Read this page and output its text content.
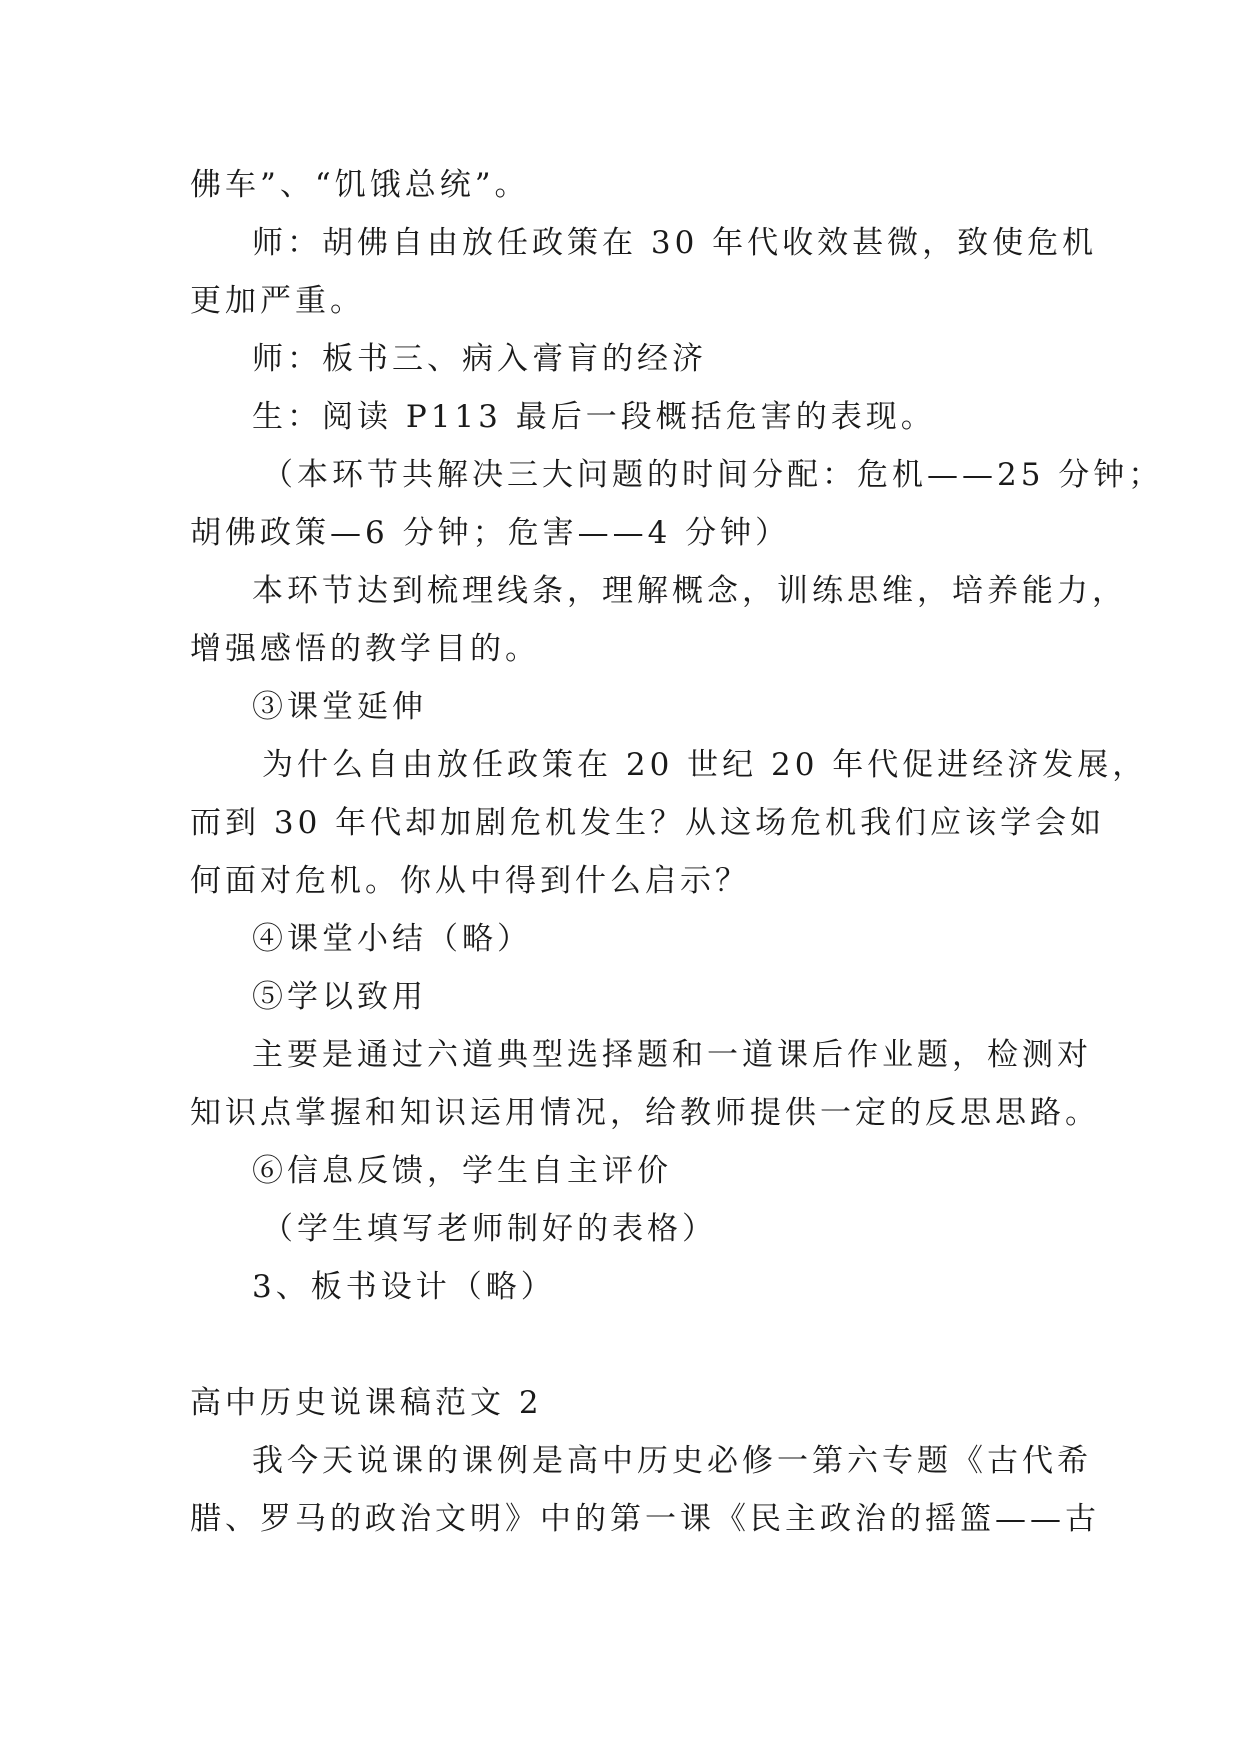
佛车”、“饥饿总统”。
师：胡佛自由放任政策在 30 年代收效甚微，致使危机
更加严重。
师：板书三、病入膏肓的经济
生：阅读 P113 最后一段概括危害的表现。
（本环节共解决三大问题的时间分配：危机——25 分钟；
胡佛政策—6 分钟；危害——4 分钟）
本环节达到梳理线条，理解概念，训练思维，培养能力，
增强感悟的教学目的。
③课堂延伸
为什么自由放任政策在 20 世纪 20 年代促进经济发展，
而到 30 年代却加剧危机发生？从这场危机我们应该学会如
何面对危机。你从中得到什么启示？
④课堂小结（略）
⑤学以致用
主要是通过六道典型选择题和一道课后作业题，检测对
知识点掌握和知识运用情况，给教师提供一定的反思思路。
⑥信息反馈，学生自主评价
（学生填写老师制好的表格）
3、板书设计（略）
高中历史说课稿范文 2
我今天说课的课例是高中历史必修一第六专题《古代希
腊、罗马的政治文明》中的第一课《民主政治的摇篮——古
